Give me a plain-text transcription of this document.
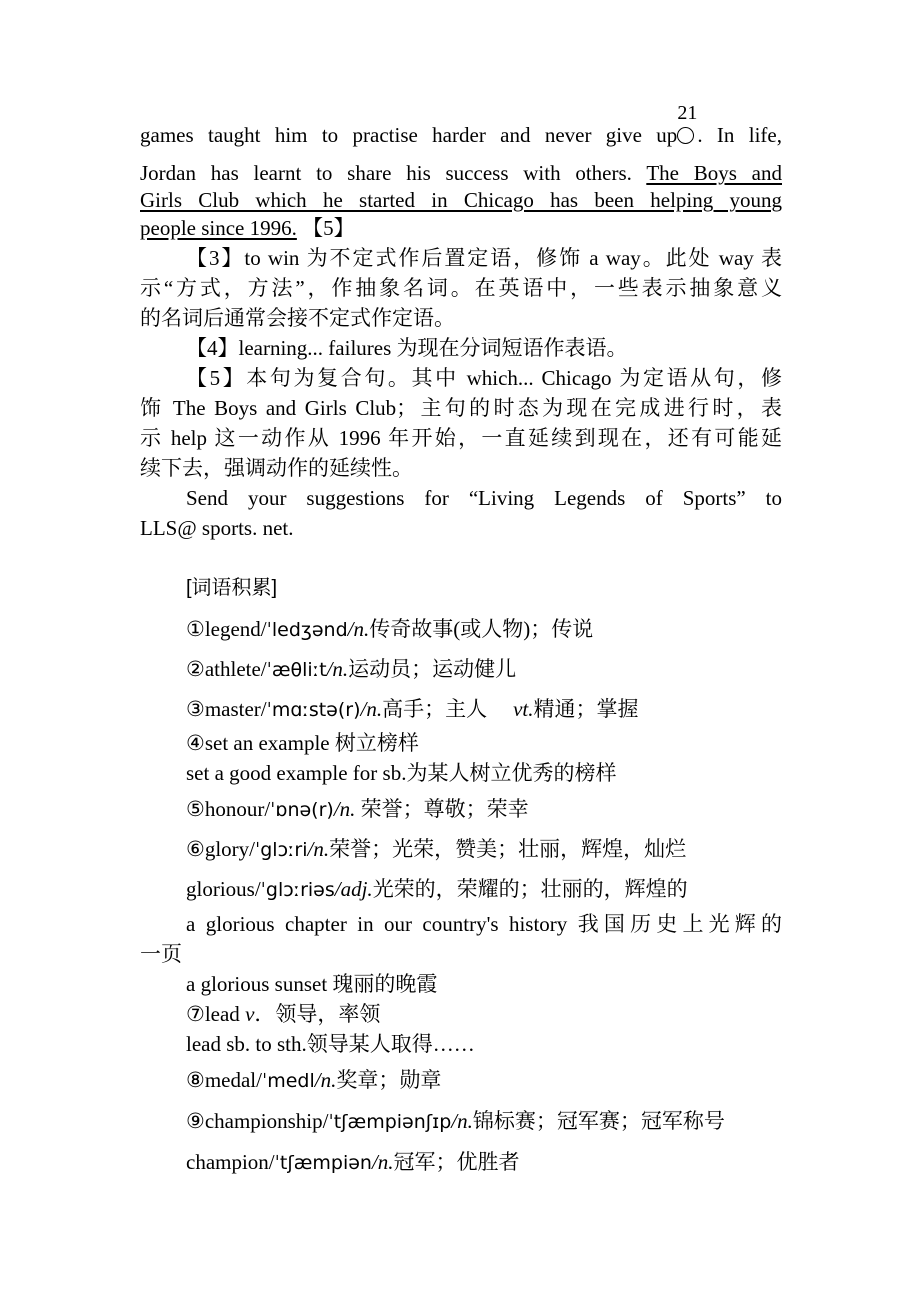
games taught him to practise harder and never give up
21
. In life,
Jordan has learnt to share his success with others. The Boys and
Girls Club which he started in Chicago has been helping young
people since 1996. 【5】
【3】to win 为不定式作后置定语，修饰 a way。此处 way 表
示“方式，方法”，作抽象名词。在英语中，一些表示抽象意义
的名词后通常会接不定式作定语。
【4】learning... failures 为现在分词短语作表语。
【5】本句为复合句。其中 which... Chicago 为定语从句，修
饰 The Boys and Girls Club；主句的时态为现在完成进行时，表
示 help 这一动作从 1996 年开始，一直延续到现在，还有可能延
续下去，强调动作的延续性。
Send your suggestions for “Living Legends of Sports” to
LLS@ sports. net.
[词语积累]
①legend/ˈledʒənd/n.传奇故事(或人物)；传说
②athlete/ˈæθliːt/n.运动员；运动健儿
③master/ˈmɑːstə(r)/n.高手；主人 vt.精通；掌握
④set an example 树立榜样
set a good example for sb.为某人树立优秀的榜样
⑤honour/ˈɒnə(r)/n. 荣誉；尊敬；荣幸
⑥glory/ˈglɔːri/n.荣誉；光荣，赞美；壮丽，辉煌，灿烂
glorious/ˈglɔːriəs/adj.光荣的，荣耀的；壮丽的，辉煌的
a glorious chapter in our country's history 我国历史上光辉的
一页
a glorious sunset 瑰丽的晚霞
⑦lead v．领导，率领
lead sb. to sth.领导某人取得……
⑧medal/ˈmedl/n.奖章；勋章
⑨championship/ˈtʃæmpiənʃɪp/n.锦标赛；冠军赛；冠军称号
champion/ˈtʃæmpiən/n.冠军；优胜者
